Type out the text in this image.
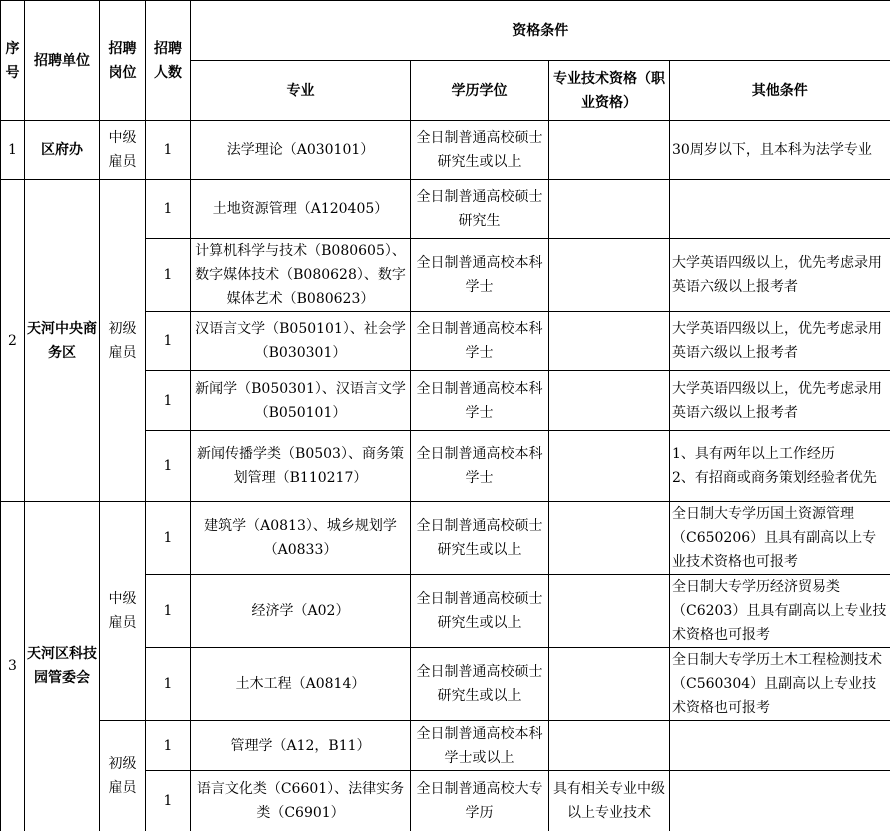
序号	招聘单位	招聘岗位	招聘人数	资格条件			
				专业	学历学位	专业技术资格（职业资格）	其他条件
1	区府办	中级雇员	1	法学理论（A030101）	全日制普通高校硕士研究生或以上		30周岁以下，且本科为法学专业
2	天河中央商务区	初级雇员	1	土地资源管理（A120405）	全日制普通高校硕士研究生		
			1	计算机科学与技术（B080605）、数字媒体技术（B080628）、数字媒体艺术（B080623）	全日制普通高校本科学士		大学英语四级以上，优先考虑录用英语六级以上报考者
			1	汉语言文学（B050101）、社会学（B030301）	全日制普通高校本科学士		大学英语四级以上，优先考虑录用英语六级以上报考者
			1	新闻学（B050301）、汉语言文学（B050101）	全日制普通高校本科学士		大学英语四级以上，优先考虑录用英语六级以上报考者
			1	新闻传播学类（B0503）、商务策划管理（B110217）	全日制普通高校本科学士		1、具有两年以上工作经历
2、有招商或商务策划经验者优先

3	天河区科技园管委会	中级雇员	1	建筑学（A0813）、城乡规划学（A0833）	全日制普通高校硕士研究生或以上		全日制大专学历国土资源管理（C650206）且具有副高以上专业技术资格也可报考
			1	经济学（A02）	全日制普通高校硕士研究生或以上		全日制大专学历经济贸易类（C6203）且具有副高以上专业技术资格也可报考
			1	土木工程（A0814）	全日制普通高校硕士研究生或以上		全日制大专学历土木工程检测技术（C560304）且副高以上专业技术资格也可报考
		初级雇员	1	管理学（A12，B11）	全日制普通高校本科学士或以上		
			1	语言文化类（C6601）、法律实务类（C6901）	全日制普通高校大专学历	具有相关专业中级以上专业技术	
